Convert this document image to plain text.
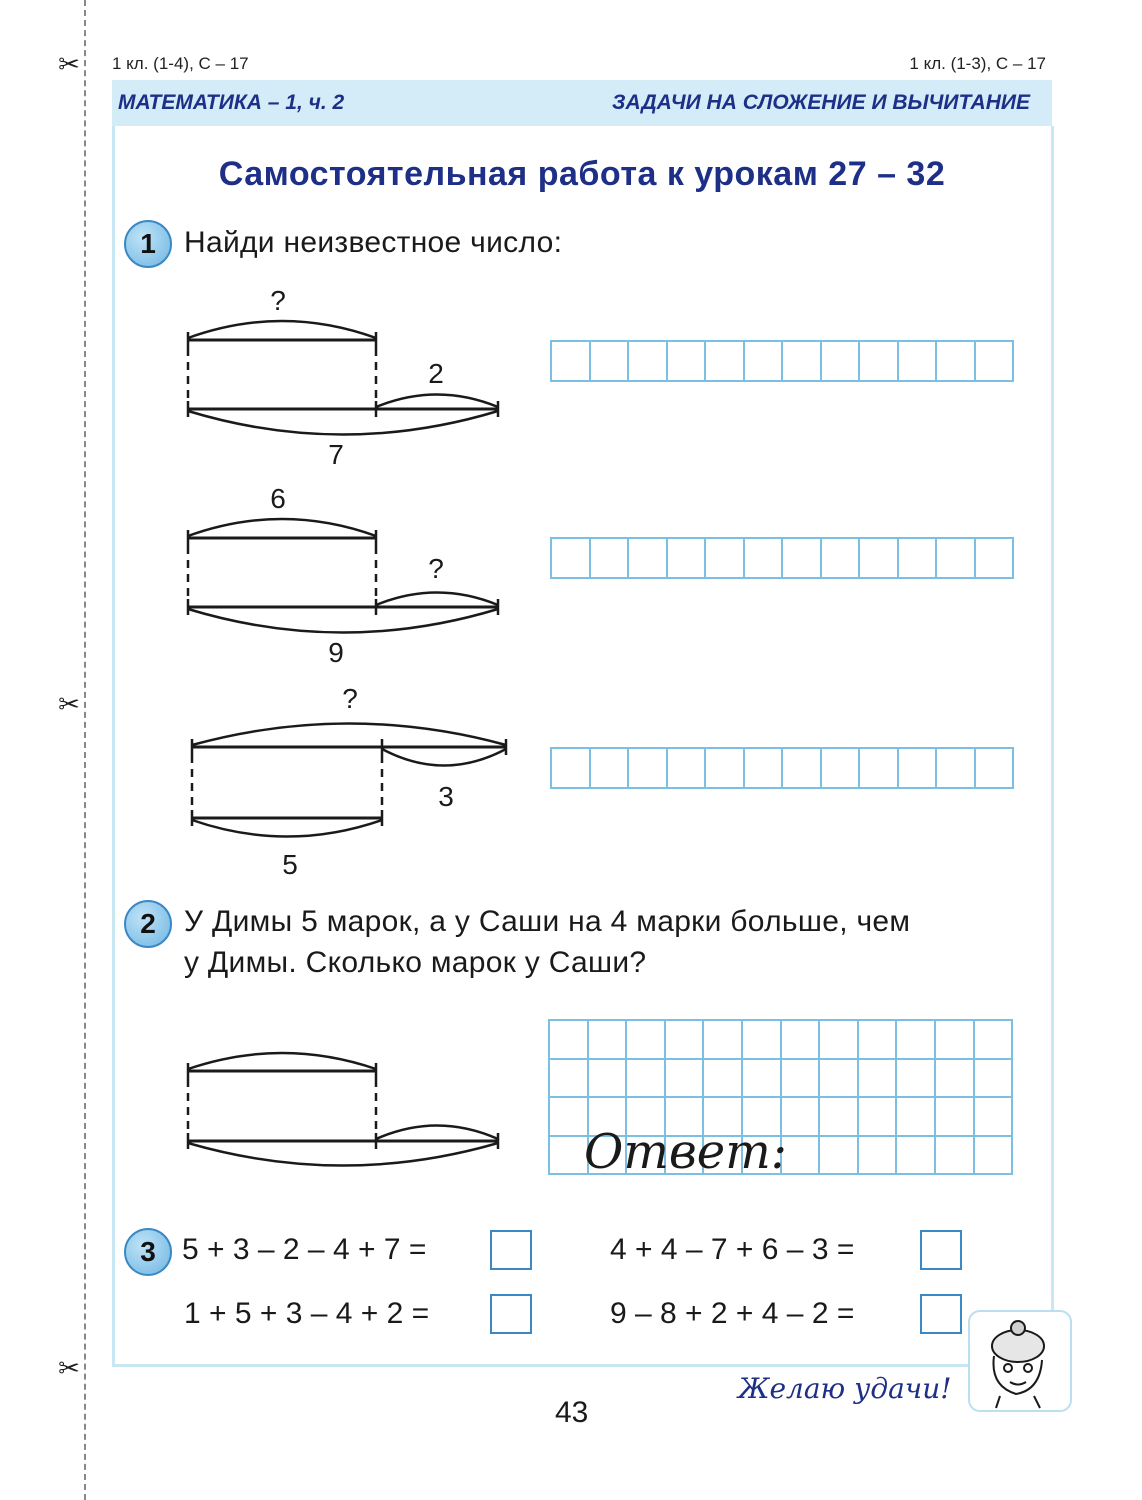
✂
✂
✂
1 кл. (1-4), С – 17	1 кл. (1-3), С – 17
МАТЕМАТИКА – 1, ч. 2	ЗАДАЧИ НА СЛОЖЕНИЕ И ВЫЧИТАНИЕ
Самостоятельная работа к урокам 27 – 32
1 Найди неизвестное число:
?
2
7
6
?
9
?
3
5
2 У Димы 5 марок, а у Саши на 4 марки больше, чем
у Димы. Сколько марок у Саши?
Ответ:
3 5 + 3 – 2 – 4 + 7 =	4 + 4 – 7 + 6 – 3 =
1 + 5 + 3 – 4 + 2 =	9 – 8 + 2 + 4 – 2 =
43
Желаю удачи!
